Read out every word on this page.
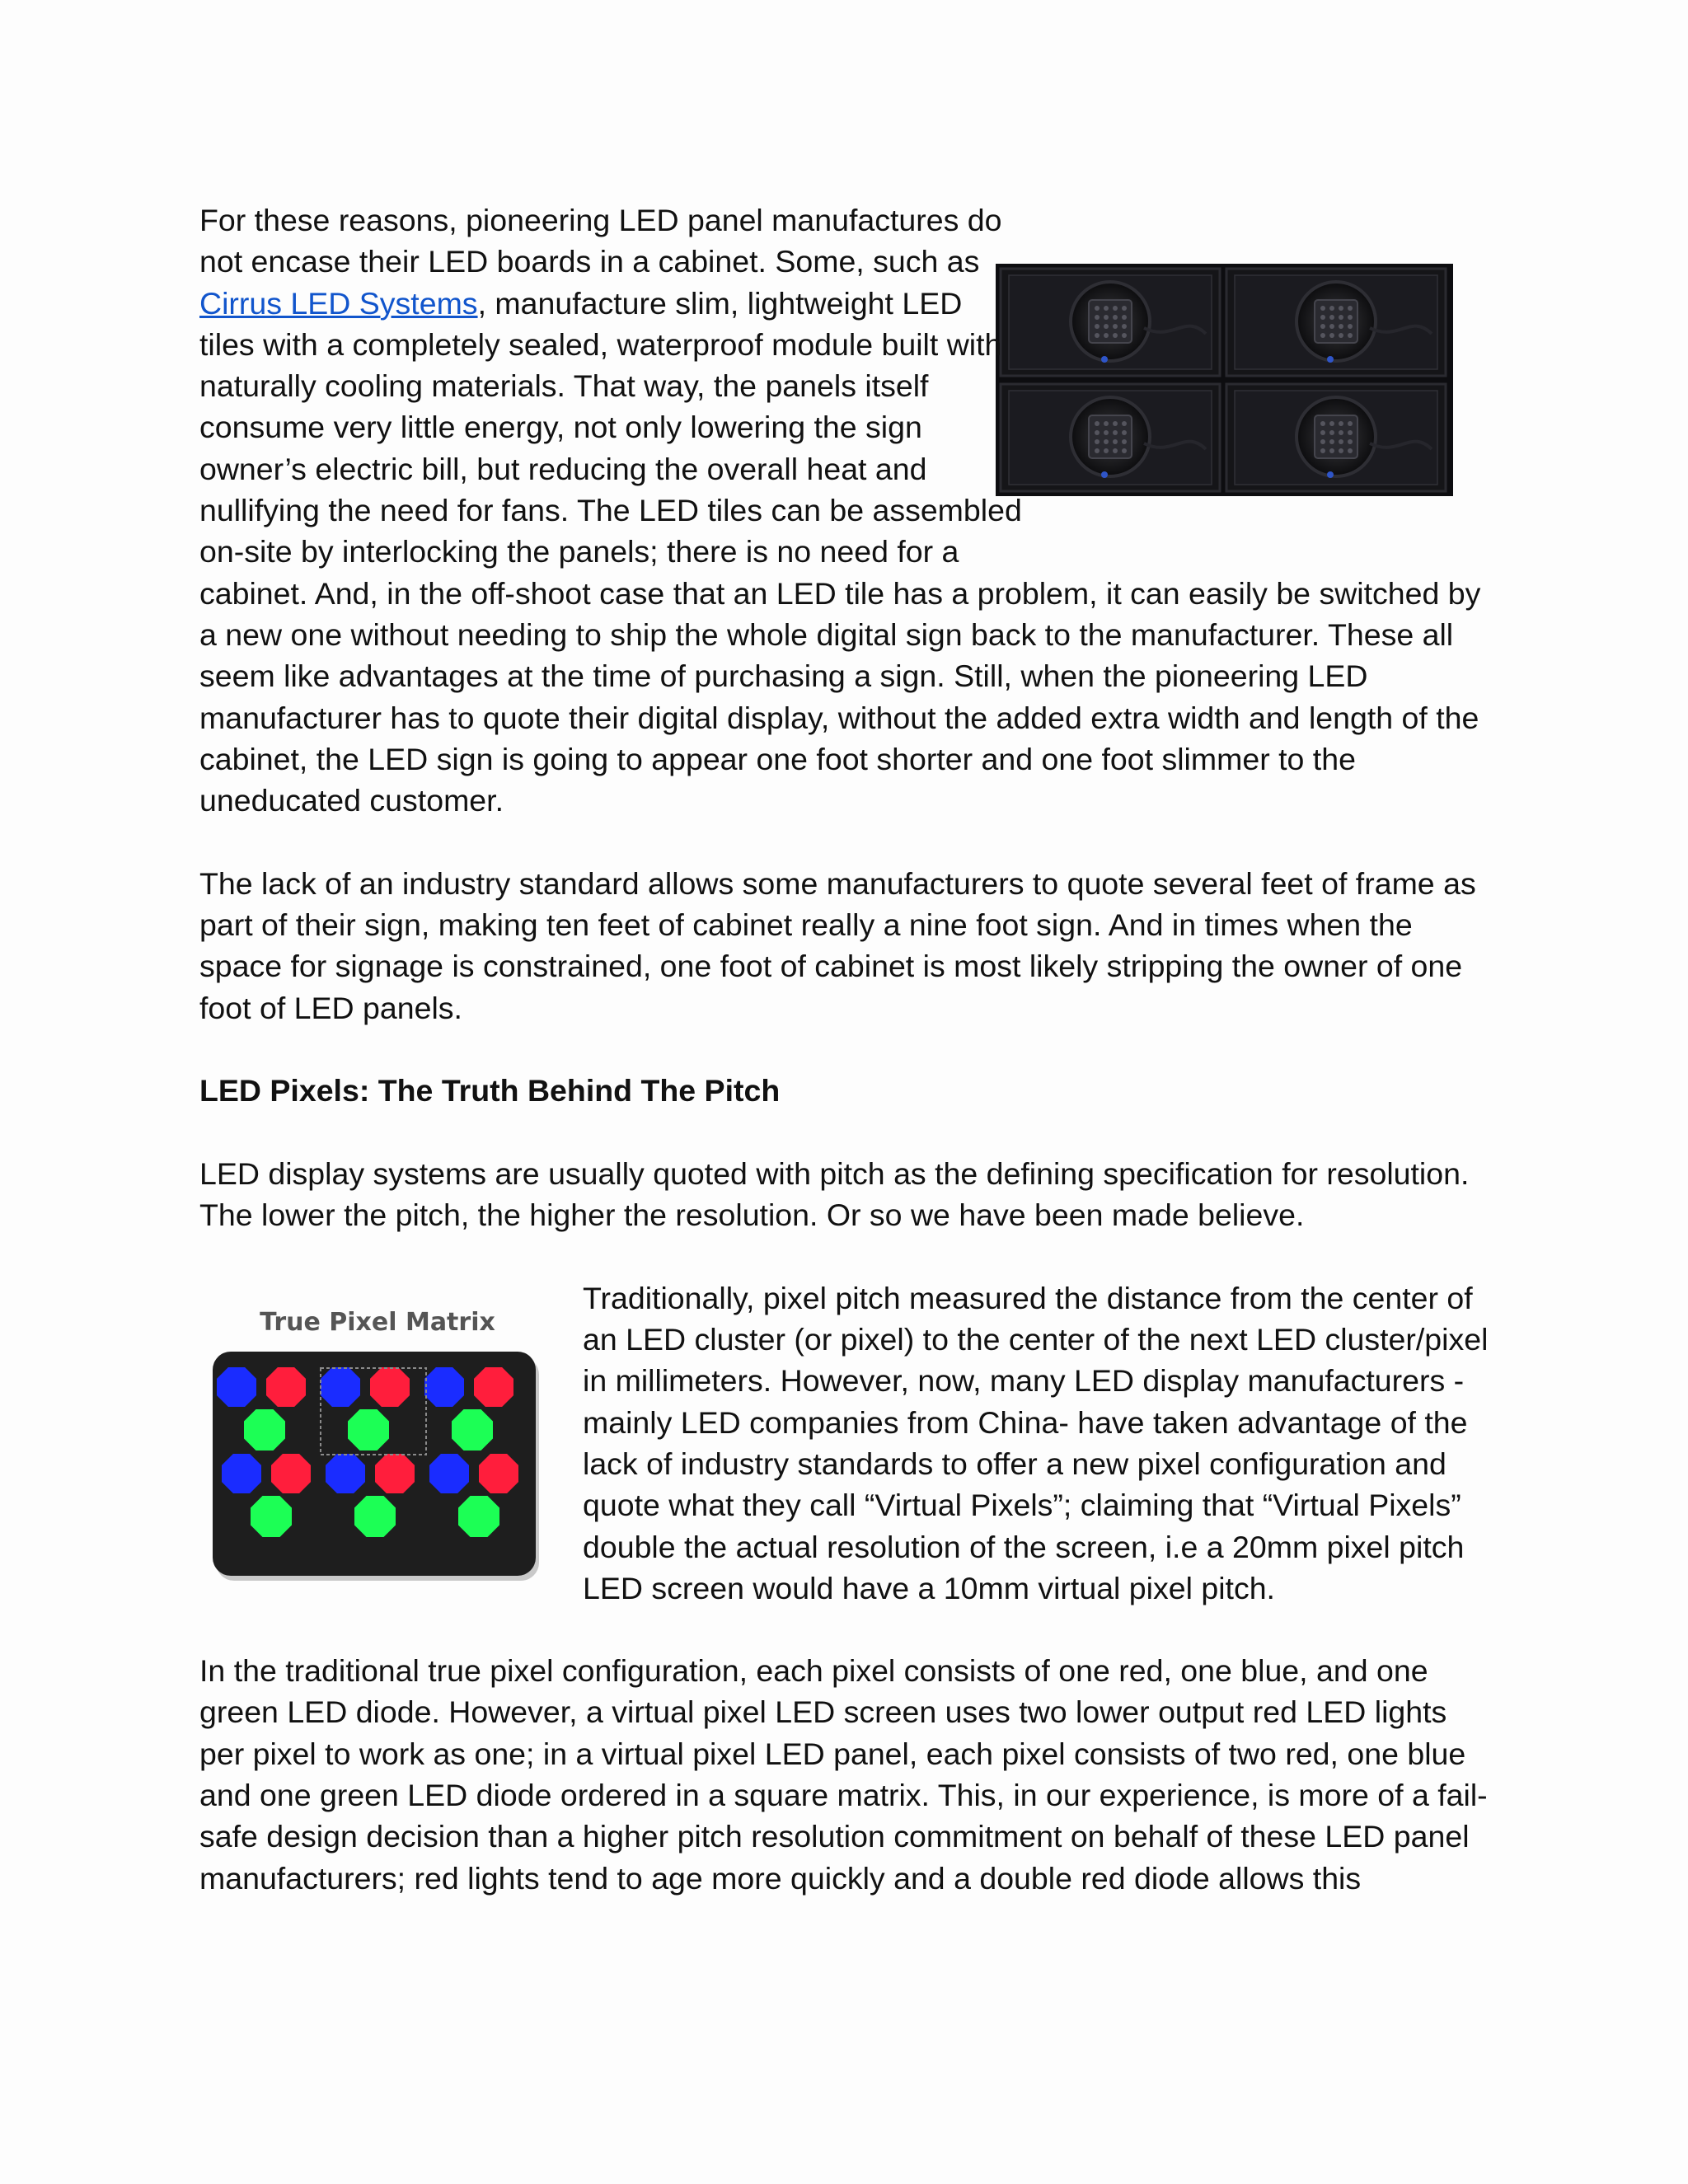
True Pixel Matrix

For these reasons, pioneering LED panel manufactures do not encase their LED boards in a cabinet. Some, such as Cirrus LED Systems, manufacture slim, lightweight LED tiles with a completely sealed, waterproof module built with naturally cooling materials. That way, the panels itself consume very little energy, not only lowering the sign owner’s electric bill, but reducing the overall heat and nullifying the need for fans. The LED tiles can be assembled on-site by interlocking the panels; there is no need for a cabinet. And, in the off-shoot case that an LED tile has a problem, it can easily be switched by a new one without needing to ship the whole digital sign back to the manufacturer. These all seem like advantages at the time of purchasing a sign. Still, when the pioneering LED manufacturer has to quote their digital display, without the added extra width and length of the cabinet, the LED sign is going to appear one foot shorter and one foot slimmer to the uneducated customer.

The lack of an industry standard allows some manufacturers to quote several feet of frame as part of their sign, making ten feet of cabinet really a nine foot sign. And in times when the space for signage is constrained, one foot of cabinet is most likely stripping the owner of one foot of LED panels.

LED Pixels: The Truth Behind The Pitch

LED display systems are usually quoted with pitch as the defining specification for resolution. The lower the pitch, the higher the resolution. Or so we have been made believe.

Traditionally, pixel pitch measured the distance from the center of an LED cluster (or pixel) to the center of the next LED cluster/pixel in millimeters. However, now, many LED display manufacturers -mainly LED companies from China- have taken advantage of the lack of industry standards to offer a new pixel configuration and quote what they call “Virtual Pixels”; claiming that “Virtual Pixels” double the actual resolution of the screen, i.e a 20mm pixel pitch LED screen would have a 10mm virtual pixel pitch.

In the traditional true pixel configuration, each pixel consists of one red, one blue, and one green LED diode. However, a virtual pixel LED screen uses two lower output red LED lights per pixel to work as one; in a virtual pixel LED panel, each pixel consists of two red, one blue and one green LED diode ordered in a square matrix. This, in our experience, is more of a fail-safe design decision than a higher pitch resolution commitment on behalf of these LED panel manufacturers; red lights tend to age more quickly and a double red diode allows this
